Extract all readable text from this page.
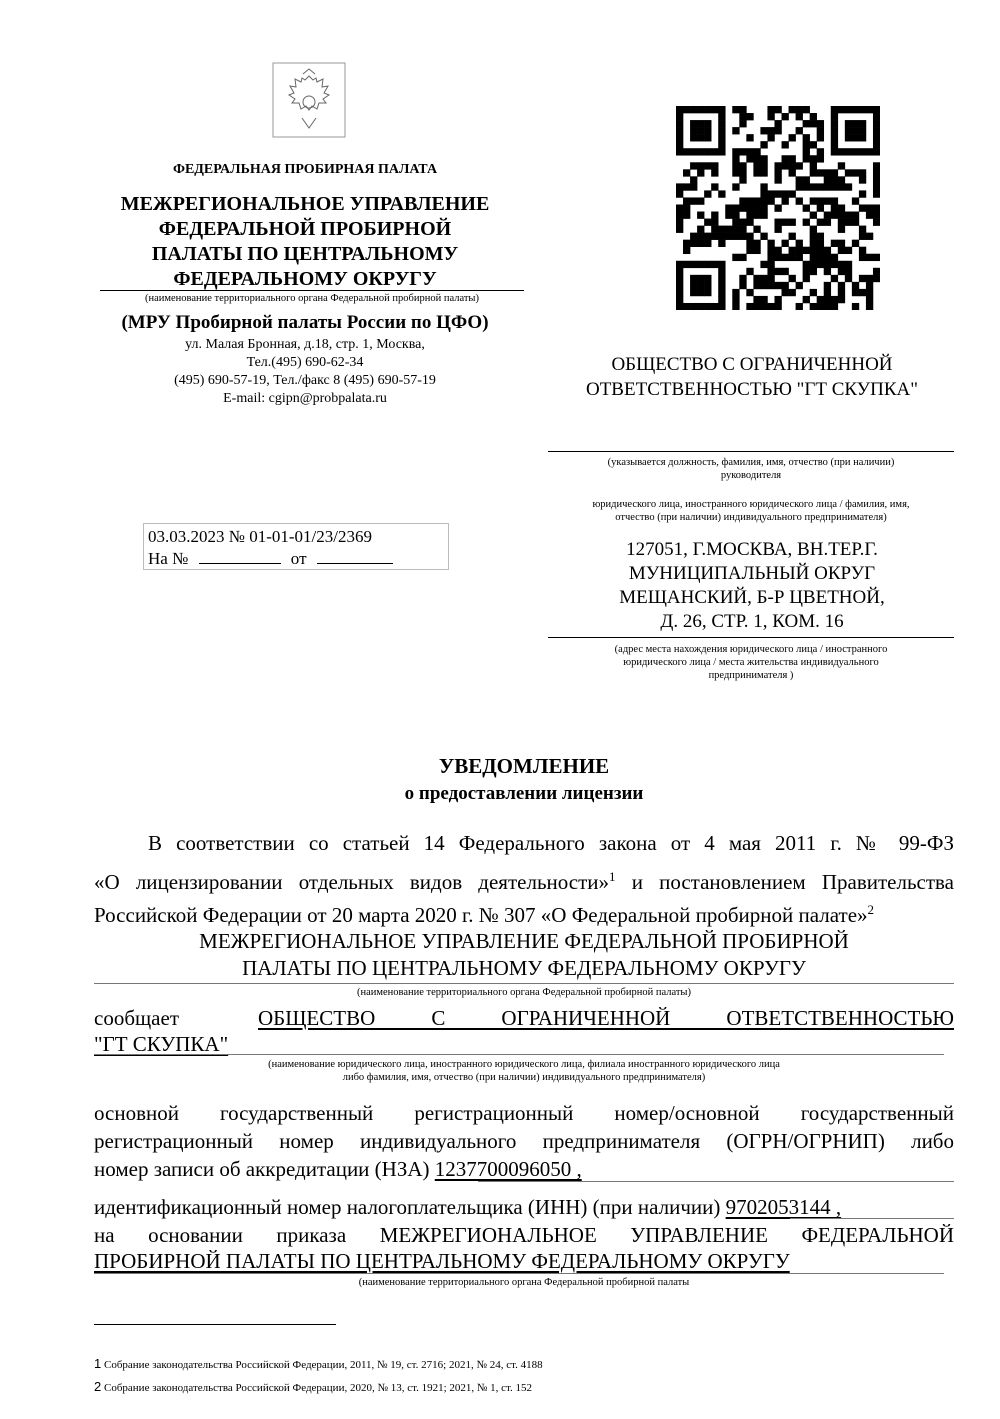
ФЕДЕРАЛЬНАЯ ПРОБИРНАЯ ПАЛАТА
МЕЖРЕГИОНАЛЬНОЕ УПРАВЛЕНИЕ
ФЕДЕРАЛЬНОЙ ПРОБИРНОЙ
ПАЛАТЫ ПО ЦЕНТРАЛЬНОМУ
ФЕДЕРАЛЬНОМУ ОКРУГУ
(наименование территориального органа Федеральной пробирной палаты)
(МРУ Пробирной палаты России по ЦФО)
ул. Малая Бронная, д.18, стр. 1, Москва,
Тел.(495) 690-62-34
(495) 690-57-19, Тел./факс 8 (495) 690-57-19
E-mail: cgipn@probpalata.ru
03.03.2023 № 01-01-01/23/2369
На №	от
ОБЩЕСТВО С ОГРАНИЧЕННОЙ
ОТВЕТСТВЕННОСТЬЮ "ГТ СКУПКА"
(указывается должность, фамилия, имя, отчество (при наличии)
руководителя
юридического лица, иностранного юридического лица / фамилия, имя,
отчество (при наличии) индивидуального предпринимателя)
127051, Г.МОСКВА, ВН.ТЕР.Г.
МУНИЦИПАЛЬНЫЙ ОКРУГ
МЕЩАНСКИЙ, Б-Р ЦВЕТНОЙ,
Д. 26, СТР. 1, КОМ. 16
(адрес места нахождения юридического лица / иностранного
юридического лица / места жительства индивидуального
предпринимателя )
УВЕДОМЛЕНИЕ
о предоставлении лицензии
В соответствии со статьей 14 Федерального закона от 4 мая 2011 г. № 99-ФЗ
«О лицензировании отдельных видов деятельности»$^1$ и постановлением Правительства
Российской Федерации от 20 марта 2020 г. № 307 «О Федеральной пробирной палате»$^2$
МЕЖРЕГИОНАЛЬНОЕ УПРАВЛЕНИЕ ФЕДЕРАЛЬНОЙ ПРОБИРНОЙ
ПАЛАТЫ ПО ЦЕНТРАЛЬНОМУ ФЕДЕРАЛЬНОМУ ОКРУГУ
(наименование территориального органа Федеральной пробирной палаты)
сообщает	ОБЩЕСТВО С ОГРАНИЧЕННОЙ ОТВЕТСТВЕННОСТЬЮ
"ГТ СКУПКА"
(наименование юридического лица, иностранного юридического лица, филиала иностранного юридического лица
либо фамилия, имя, отчество (при наличии) индивидуального предпринимателя)
основной государственный регистрационный номер/основной государственный
регистрационный номер индивидуального предпринимателя (ОГРН/ОГРНИП) либо
номер записи об аккредитации (НЗА) 1237700096050 ,
идентификационный номер налогоплательщика (ИНН) (при наличии) 9702053144 ,
на основании приказа МЕЖРЕГИОНАЛЬНОЕ УПРАВЛЕНИЕ ФЕДЕРАЛЬНОЙ
ПРОБИРНОЙ ПАЛАТЫ ПО ЦЕНТРАЛЬНОМУ ФЕДЕРАЛЬНОМУ ОКРУГУ
(наименование территориального органа Федеральной пробирной палаты
1 Собрание законодательства Российской Федерации, 2011, № 19, ст. 2716; 2021, № 24, ст. 4188
2 Собрание законодательства Российской Федерации, 2020, № 13, ст. 1921; 2021, № 1, ст. 152
